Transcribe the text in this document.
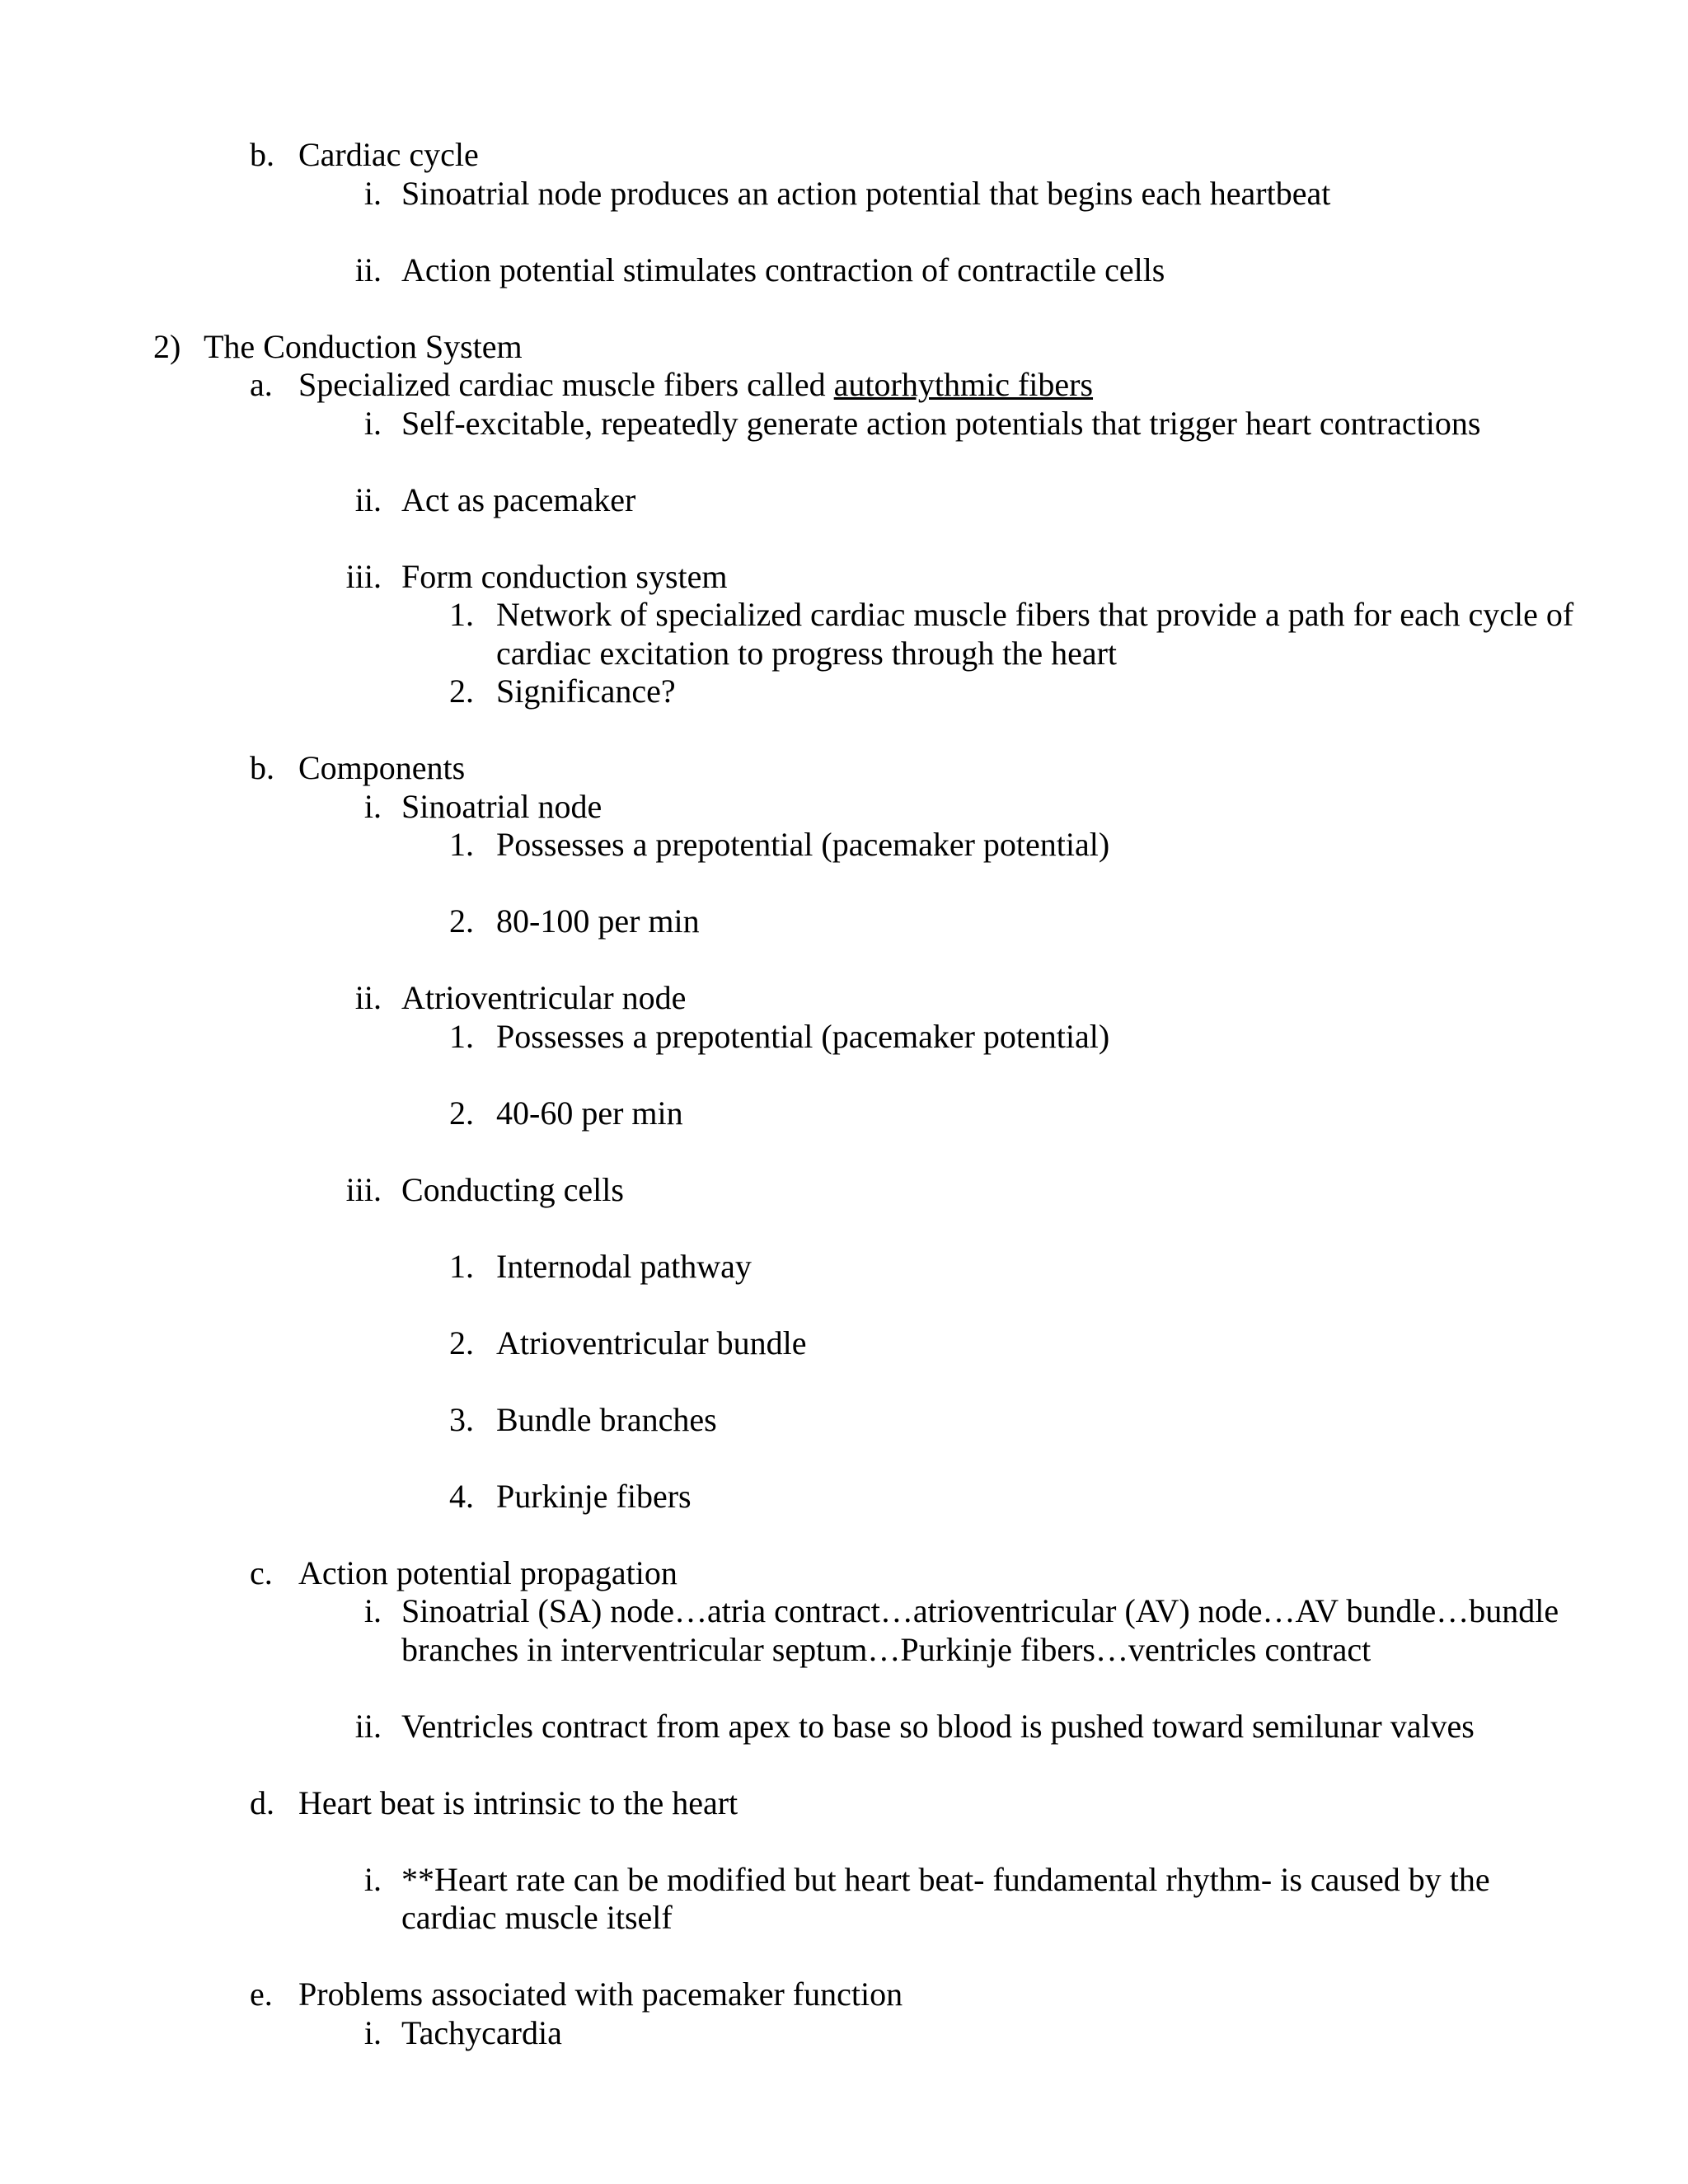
b. Cardiac cycle
i. Sinoatrial node produces an action potential that begins each heartbeat
ii. Action potential stimulates contraction of contractile cells
2) The Conduction System
a. Specialized cardiac muscle fibers called autorhythmic fibers
i. Self-excitable, repeatedly generate action potentials that trigger heart contractions
ii. Act as pacemaker
iii. Form conduction system
1. Network of specialized cardiac muscle fibers that provide a path for each cycle of cardiac excitation to progress through the heart
2. Significance?
b. Components
i. Sinoatrial node
1. Possesses a prepotential (pacemaker potential)
2. 80-100 per min
ii. Atrioventricular node
1. Possesses a prepotential (pacemaker potential)
2. 40-60 per min
iii. Conducting cells
1. Internodal pathway
2. Atrioventricular bundle
3. Bundle branches
4. Purkinje fibers
c. Action potential propagation
i. Sinoatrial (SA) node…atria contract…atrioventricular (AV) node…AV bundle…bundle branches in interventricular septum…Purkinje fibers…ventricles contract
ii. Ventricles contract from apex to base so blood is pushed toward semilunar valves
d. Heart beat is intrinsic to the heart
i. **Heart rate can be modified but heart beat- fundamental rhythm- is caused by the cardiac muscle itself
e. Problems associated with pacemaker function
i. Tachycardia
